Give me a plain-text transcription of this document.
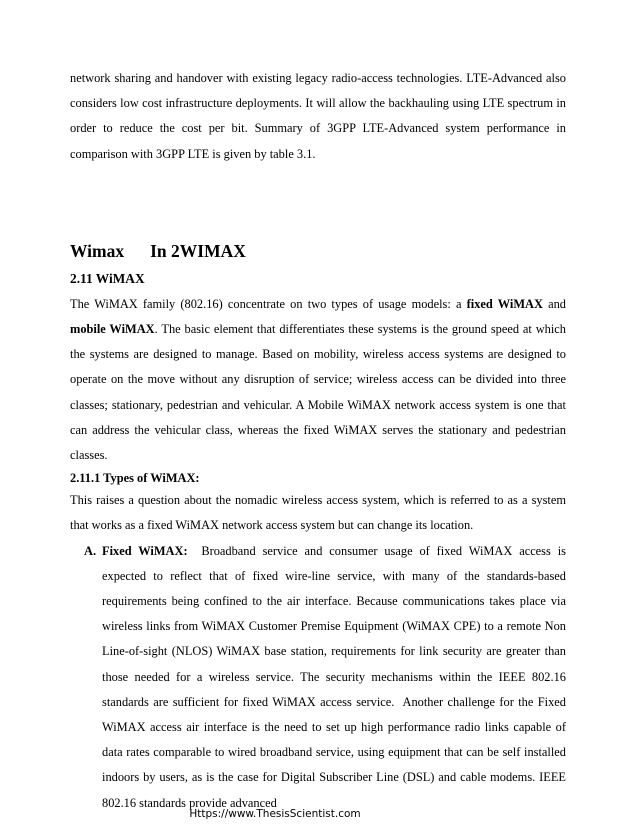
network sharing and handover with existing legacy radio-access technologies. LTE-Advanced also considers low cost infrastructure deployments. It will allow the backhauling using LTE spectrum in order to reduce the cost per bit. Summary of 3GPP LTE-Advanced system performance in comparison with 3GPP LTE is given by table 3.1.

Wimax In 2WIMAX
2.11 WiMAX

The WiMAX family (802.16) concentrate on two types of usage models: a fixed WiMAX and mobile WiMAX. The basic element that differentiates these systems is the ground speed at which the systems are designed to manage. Based on mobility, wireless access systems are designed to operate on the move without any disruption of service; wireless access can be divided into three classes; stationary, pedestrian and vehicular. A Mobile WiMAX network access system is one that can address the vehicular class, whereas the fixed WiMAX serves the stationary and pedestrian classes.

2.11.1 Types of WiMAX:

This raises a question about the nomadic wireless access system, which is referred to as a system that works as a fixed WiMAX network access system but can change its location.

A. Fixed WiMAX:  Broadband service and consumer usage of fixed WiMAX access is expected to reflect that of fixed wire-line service, with many of the standards-based requirements being confined to the air interface. Because communications takes place via wireless links from WiMAX Customer Premise Equipment (WiMAX CPE) to a remote Non Line-of-sight (NLOS) WiMAX base station, requirements for link security are greater than those needed for a wireless service. The security mechanisms within the IEEE 802.16 standards are sufficient for fixed WiMAX access service.  Another challenge for the Fixed WiMAX access air interface is the need to set up high performance radio links capable of data rates comparable to wired broadband service, using equipment that can be self installed indoors by users, as is the case for Digital Subscriber Line (DSL) and cable modems. IEEE 802.16 standards provide advanced

Https://www.ThesisScientist.com
